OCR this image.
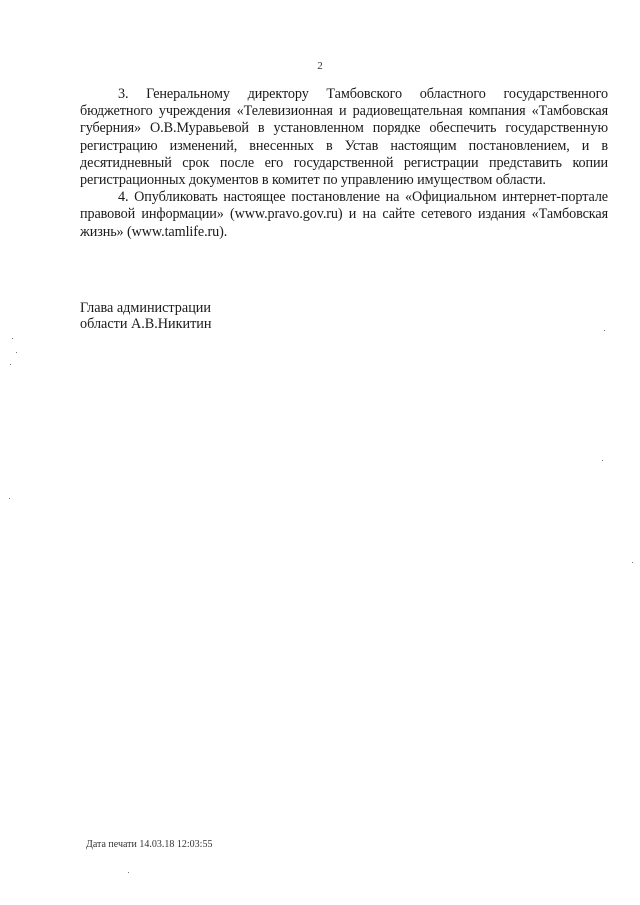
2

3. Генеральному директору Тамбовского областного государственного бюджетного учреждения «Телевизионная и радиовещательная компания «Тамбовская губерния» О.В.Муравьевой в установленном порядке обеспечить государственную регистрацию изменений, внесенных в Устав настоящим постановлением, и в десятидневный срок после его государственной регистрации представить копии регистрационных документов в комитет по управлению имуществом области.

4. Опубликовать настоящее постановление на «Официальном интернет-портале правовой информации» (www.pravo.gov.ru) и на сайте сетевого издания «Тамбовская жизнь» (www.tamlife.ru).

Глава администрации
области А.В.Никитин
Дата печати 14.03.18 12:03:55
